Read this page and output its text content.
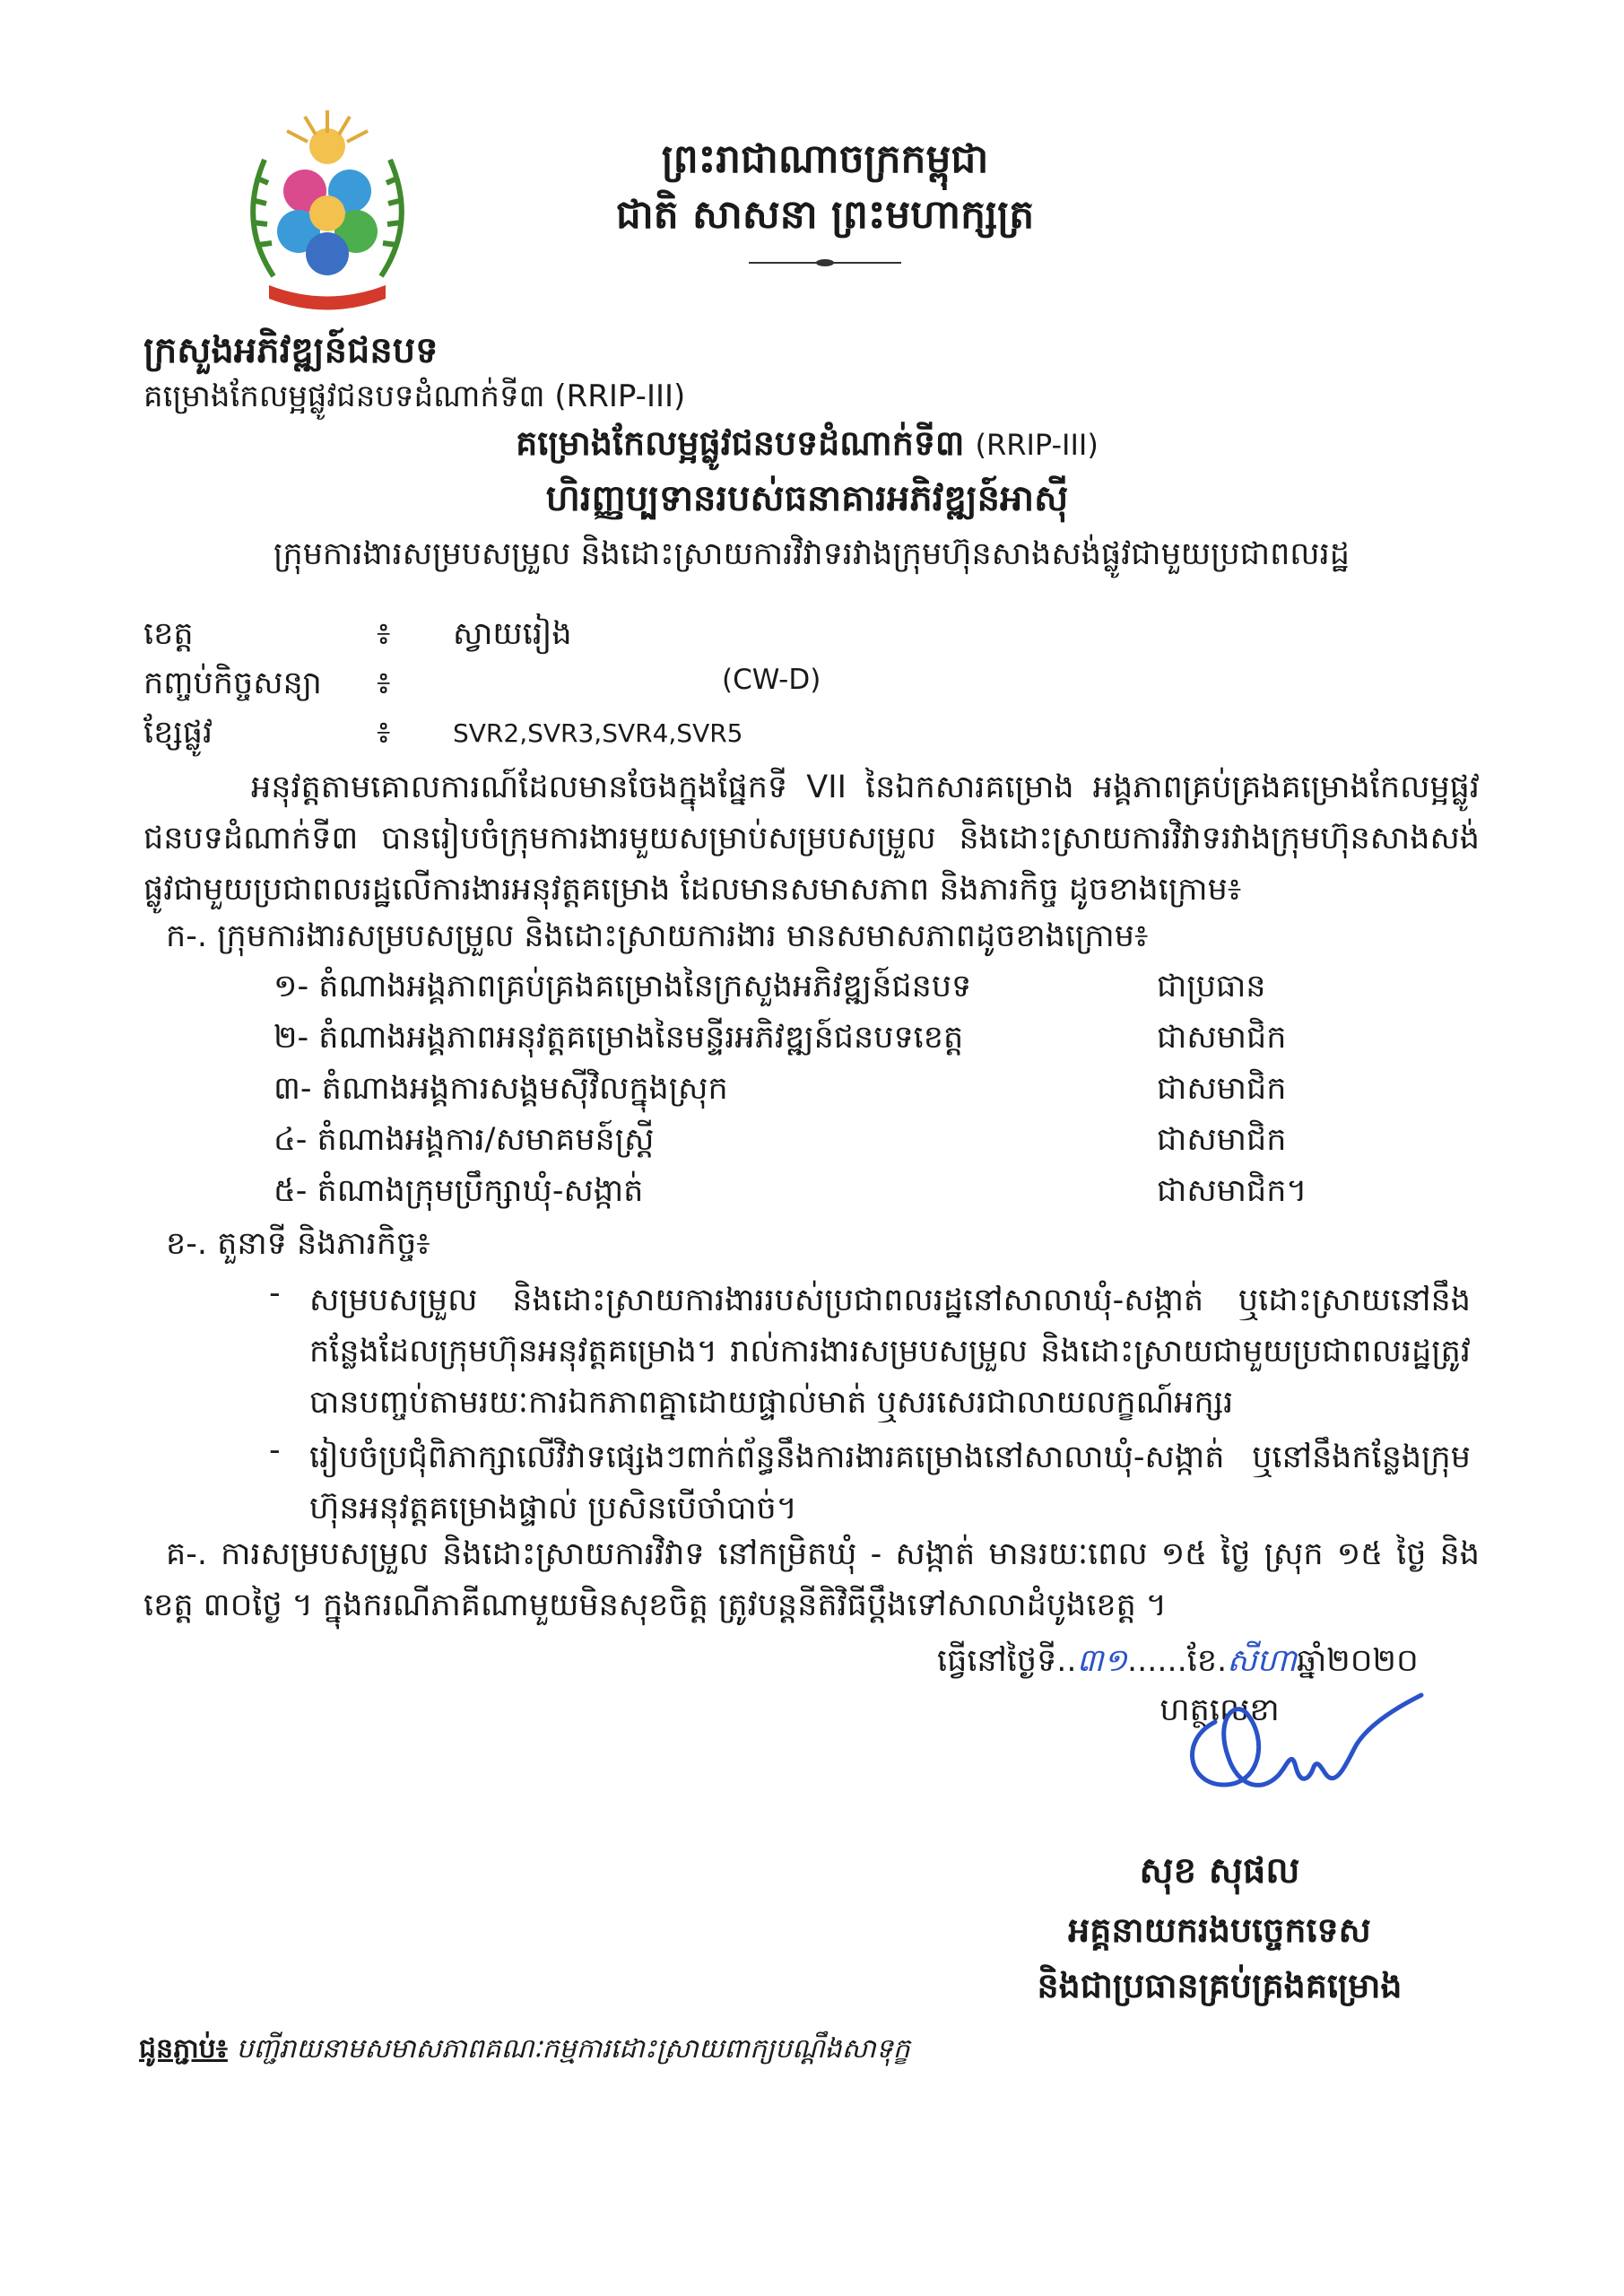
ព្រះរាជាណាចក្រកម្ពុជា
ជាតិ សាសនា ព្រះមហាក្សត្រ
ក្រសួងអភិវឌ្ឍន៍ជនបទ
គម្រោងកែលម្អផ្លូវជនបទដំណាក់ទី៣ (RRIP-III)
គម្រោងកែលម្អផ្លូវជនបទដំណាក់ទី៣ (RRIP-III)
ហិរញ្ញប្បទានរបស់ធនាគារអភិវឌ្ឍន៍អាស៊ី
ក្រុមការងារសម្របសម្រួល និងដោះស្រាយការវិវាទរវាងក្រុមហ៊ុនសាងសង់ផ្លូវជាមួយប្រជាពលរដ្ឋ
ខេត្ត	៖ ស្វាយរៀង
កញ្ចប់កិច្ចសន្យា ៖	(CW-D)
ខ្សែផ្លូវ	៖ SVR2,SVR3,SVR4,SVR5
អនុវត្តតាមគោលការណ៍ដែលមានចែងក្នុងផ្នែកទី VII នៃឯកសារគម្រោង អង្គភាពគ្រប់គ្រងគម្រោងកែលម្អផ្លូវជនបទដំណាក់ទី៣ បានរៀបចំក្រុមការងារមួយសម្រាប់សម្របសម្រួល និងដោះស្រាយការវិវាទរវាងក្រុមហ៊ុនសាងសង់ផ្លូវជាមួយប្រជាពលរដ្ឋលើការងារអនុវត្តគម្រោង ដែលមានសមាសភាព និងភារកិច្ច ដូចខាងក្រោម៖
ក-. ក្រុមការងារសម្របសម្រួល និងដោះស្រាយការងារ មានសមាសភាពដូចខាងក្រោម៖
១- តំណាងអង្គភាពគ្រប់គ្រងគម្រោងនៃក្រសួងអភិវឌ្ឍន៍ជនបទ	ជាប្រធាន
២- តំណាងអង្គភាពអនុវត្តគម្រោងនៃមន្ទីរអភិវឌ្ឍន៍ជនបទខេត្ត	ជាសមាជិក
៣- តំណាងអង្គការសង្គមស៊ីវិលក្នុងស្រុក	ជាសមាជិក
៤- តំណាងអង្គការ/សមាគមន៍ស្ត្រី	ជាសមាជិក
៥- តំណាងក្រុមប្រឹក្សាឃុំ-សង្កាត់	ជាសមាជិក។
ខ-. តួនាទី និងភារកិច្ច៖
- សម្របសម្រួល និងដោះស្រាយការងាររបស់ប្រជាពលរដ្ឋនៅសាលាឃុំ-សង្កាត់ ឬដោះស្រាយនៅនឹងកន្លែងដែលក្រុមហ៊ុនអនុវត្តគម្រោង។ រាល់ការងារសម្របសម្រួល និងដោះស្រាយជាមួយប្រជាពលរដ្ឋត្រូវបានបញ្ចប់តាមរយៈការឯកភាពគ្នាដោយផ្ទាល់មាត់ ឬសរសេរជាលាយលក្ខណ៍អក្សរ
- រៀបចំប្រជុំពិភាក្សាលើវិវាទផ្សេងៗពាក់ព័ន្ធនឹងការងារគម្រោងនៅសាលាឃុំ-សង្កាត់ ឬនៅនឹងកន្លែងក្រុមហ៊ុនអនុវត្តគម្រោងផ្ទាល់ ប្រសិនបើចាំបាច់។
គ-. ការសម្របសម្រួល និងដោះស្រាយការវិវាទ នៅកម្រិតឃុំ - សង្កាត់ មានរយៈពេល ១៥ ថ្ងៃ ស្រុក ១៥ ថ្ងៃ និង ខេត្ត ៣០ថ្ងៃ ។ ក្នុងករណីភាគីណាមួយមិនសុខចិត្ត ត្រូវបន្តនីតិវិធីប្តឹងទៅសាលាដំបូងខេត្ត ។
ធ្វើនៅថ្ងៃទី..៣១......ខែ.សីហាឆ្នាំ២០២០
ហត្ថលេខា
សុខ សុផល
អគ្គនាយករងបច្ចេកទេស
និងជាប្រធានគ្រប់គ្រងគម្រោង
ជូនភ្ជាប់៖ បញ្ជីរាយនាមសមាសភាពគណៈកម្មការដោះស្រាយពាក្យបណ្តឹងសាទុក្ខ
